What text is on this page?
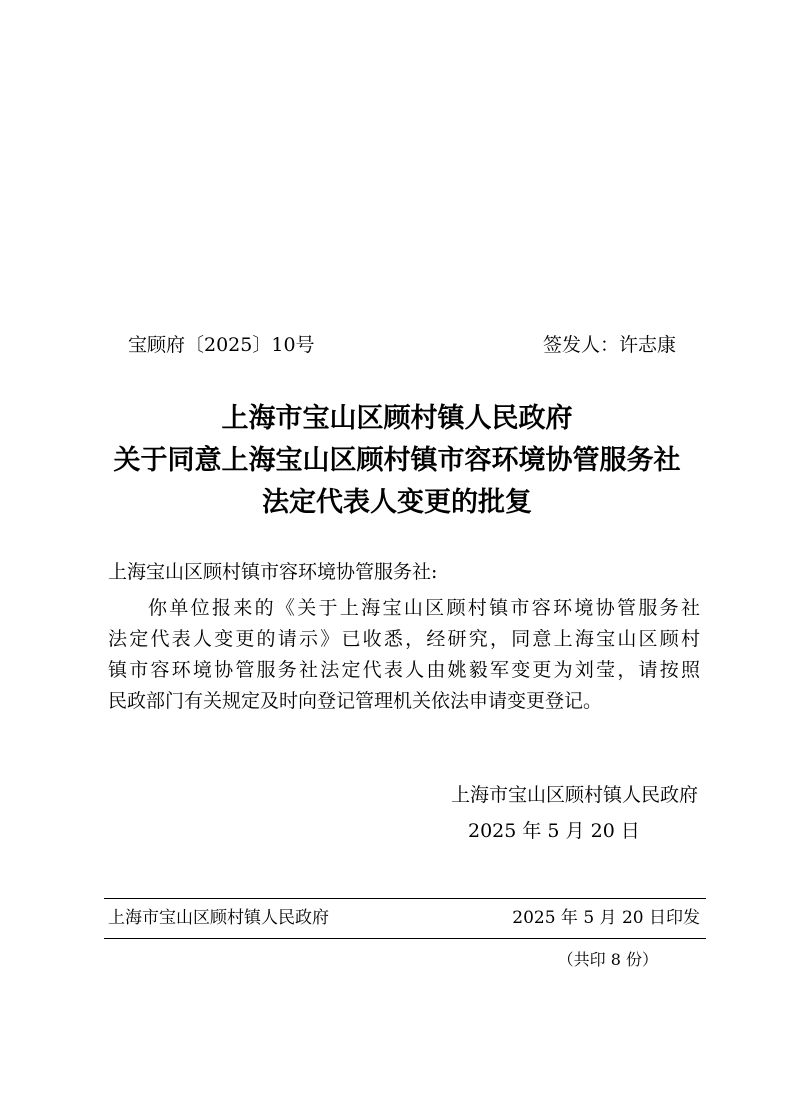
宝顾府〔2025〕10号	签发人：许志康
上海市宝山区顾村镇人民政府
关于同意上海宝山区顾村镇市容环境协管服务社
法定代表人变更的批复
上海宝山区顾村镇市容环境协管服务社:
你单位报来的《关于上海宝山区顾村镇市容环境协管服务社
法定代表人变更的请示》已收悉，经研究，同意上海宝山区顾村
镇市容环境协管服务社法定代表人由姚毅军变更为刘莹，请按照
民政部门有关规定及时向登记管理机关依法申请变更登记。
上海市宝山区顾村镇人民政府
2025 年 5 月 20 日
上海市宝山区顾村镇人民政府	2025 年 5 月 20 日印发
（共印 8 份）
